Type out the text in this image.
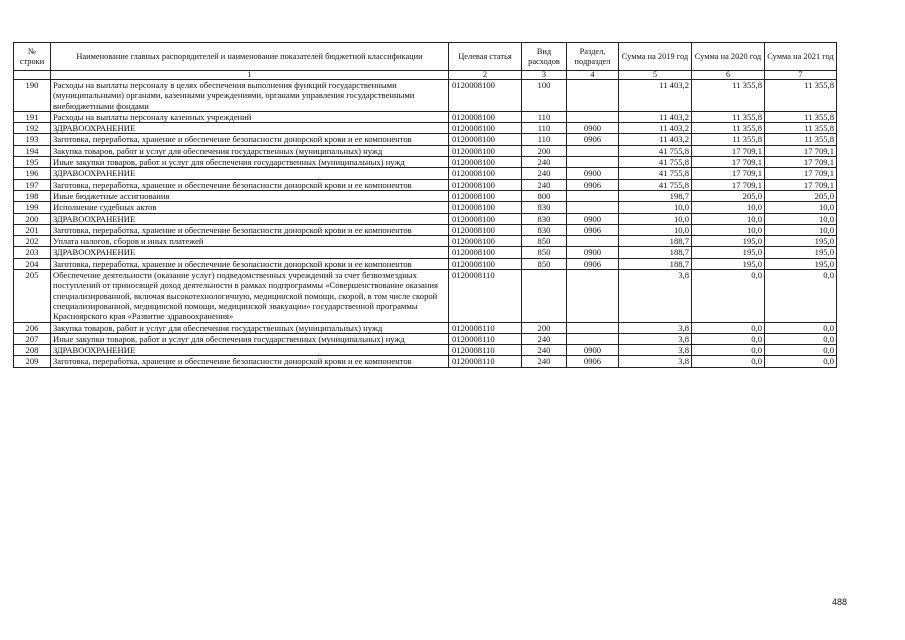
№ строки	Наименование главных распорядителей и наименование показателей бюджетной классификации	Целевая статья	Вид расходов	Раздел, подраздел	Сумма на 2019 год	Сумма на 2020 год	Сумма на 2021 год
	1	2	3	4	5	6	7
190	Расходы на выплаты персоналу в целях обеспечения выполнения функций государственными (муниципальными) органами, казенными учреждениями, органами управления государственными внебюджетными фондами	0120008100	100		11 403,2	11 355,8	11 355,8
191	Расходы на выплаты персоналу казенных учреждений	0120008100	110		11 403,2	11 355,8	11 355,8
192	ЗДРАВООХРАНЕНИЕ	0120008100	110	0900	11 403,2	11 355,8	11 355,8
193	Заготовка, переработка, хранение и обеспечение безопасности донорской крови и ее компонентов	0120008100	110	0906	11 403,2	11 355,8	11 355,8
194	Закупка товаров, работ и услуг для обеспечения государственных (муниципальных) нужд	0120008100	200		41 755,8	17 709,1	17 709,1
195	Иные закупки товаров, работ и услуг для обеспечения государственных (муниципальных) нужд	0120008100	240		41 755,8	17 709,1	17 709,1
196	ЗДРАВООХРАНЕНИЕ	0120008100	240	0900	41 755,8	17 709,1	17 709,1
197	Заготовка, переработка, хранение и обеспечение безопасности донорской крови и ее компонентов	0120008100	240	0906	41 755,8	17 709,1	17 709,1
198	Иные бюджетные ассигнования	0120008100	800		198,7	205,0	205,0
199	Исполнение судебных актов	0120008100	830		10,0	10,0	10,0
200	ЗДРАВООХРАНЕНИЕ	0120008100	830	0900	10,0	10,0	10,0
201	Заготовка, переработка, хранение и обеспечение безопасности донорской крови и ее компонентов	0120008100	830	0906	10,0	10,0	10,0
202	Уплата налогов, сборов и иных платежей	0120008100	850		188,7	195,0	195,0
203	ЗДРАВООХРАНЕНИЕ	0120008100	850	0900	188,7	195,0	195,0
204	Заготовка, переработка, хранение и обеспечение безопасности донорской крови и ее компонентов	0120008100	850	0906	188,7	195,0	195,0
205	Обеспечение деятельности (оказание услуг) подведомственных учреждений за счет безвозмездных поступлений от приносящей доход деятельности в рамках подпрограммы «Совершенствование оказания специализированной, включая высокотехнологичную, медицинской помощи, скорой, в том числе скорой специализированной, медицинской помощи, медицинской эвакуации» государственной программы Красноярского края «Развитие здравоохранения»	0120008110			3,8	0,0	0,0
206	Закупка товаров, работ и услуг для обеспечения государственных (муниципальных) нужд	0120008110	200		3,8	0,0	0,0
207	Иные закупки товаров, работ и услуг для обеспечения государственных (муниципальных) нужд	0120008110	240		3,8	0,0	0,0
208	ЗДРАВООХРАНЕНИЕ	0120008110	240	0900	3,8	0,0	0,0
209	Заготовка, переработка, хранение и обеспечение безопасности донорской крови и ее компонентов	0120008110	240	0906	3,8	0,0	0,0
488
